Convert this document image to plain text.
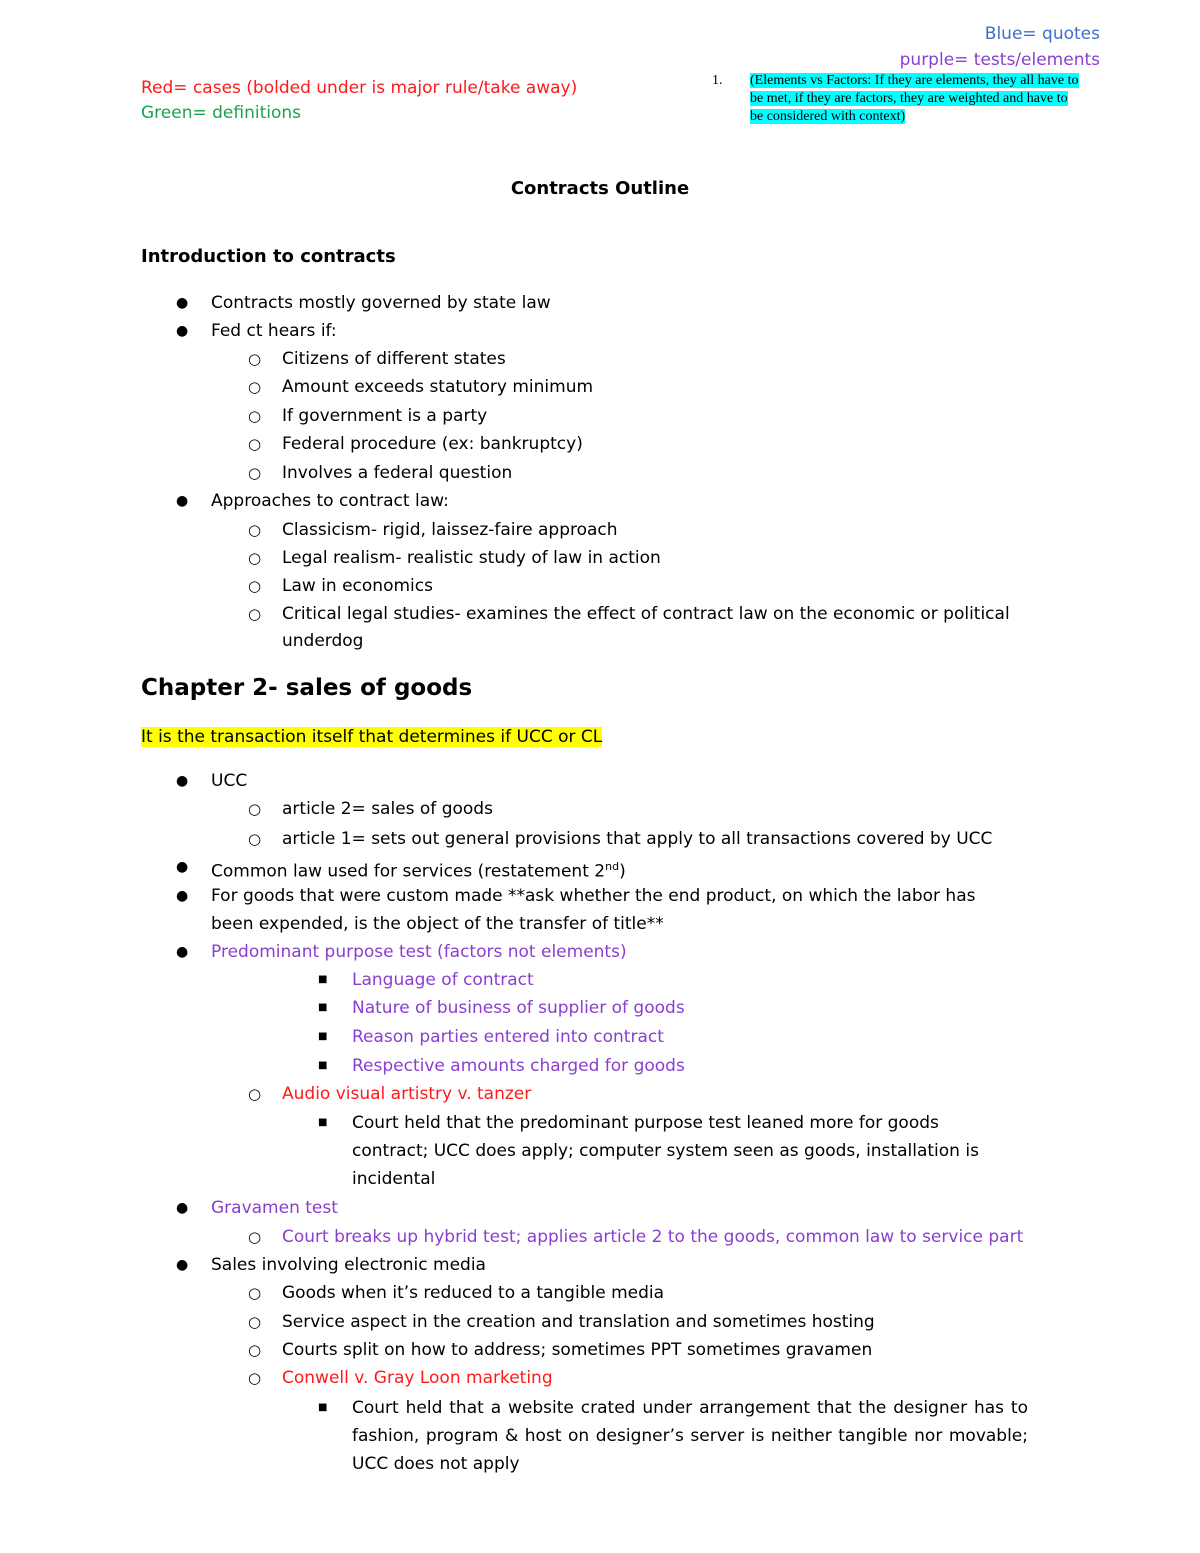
Blue= quotes
purple= tests/elements
Red= cases (bolded under is major rule/take away)
Green= definitions
1.	(Elements vs Factors: If they are elements, they all have to be met, if they are factors, they are weighted and have to be considered with context)
Contracts Outline
Introduction to contracts
● Contracts mostly governed by state law
● Fed ct hears if:
○ Citizens of different states
○ Amount exceeds statutory minimum
○ If government is a party
○ Federal procedure (ex: bankruptcy)
○ Involves a federal question
● Approaches to contract law:
○ Classicism- rigid, laissez-faire approach
○ Legal realism- realistic study of law in action
○ Law in economics
○ Critical legal studies- examines the effect of contract law on the economic or political
underdog
Chapter 2- sales of goods
It is the transaction itself that determines if UCC or CL
● UCC
○ article 2= sales of goods
○ article 1= sets out general provisions that apply to all transactions covered by UCC
● Common law used for services (restatement 2nd)
● For goods that were custom made **ask whether the end product, on which the labor has
been expended, is the object of the transfer of title**
● Predominant purpose test (factors not elements)
■ Language of contract
■ Nature of business of supplier of goods
■ Reason parties entered into contract
■ Respective amounts charged for goods
○ Audio visual artistry v. tanzer
■ Court held that the predominant purpose test leaned more for goods
contract; UCC does apply; computer system seen as goods, installation is
incidental
● Gravamen test
○ Court breaks up hybrid test; applies article 2 to the goods, common law to service part
● Sales involving electronic media
○ Goods when it’s reduced to a tangible media
○ Service aspect in the creation and translation and sometimes hosting
○ Courts split on how to address; sometimes PPT sometimes gravamen
○ Conwell v. Gray Loon marketing
■ Court held that a website crated under arrangement that the designer has to fashion, program & host on designer’s server is neither tangible nor movable; UCC does not apply
